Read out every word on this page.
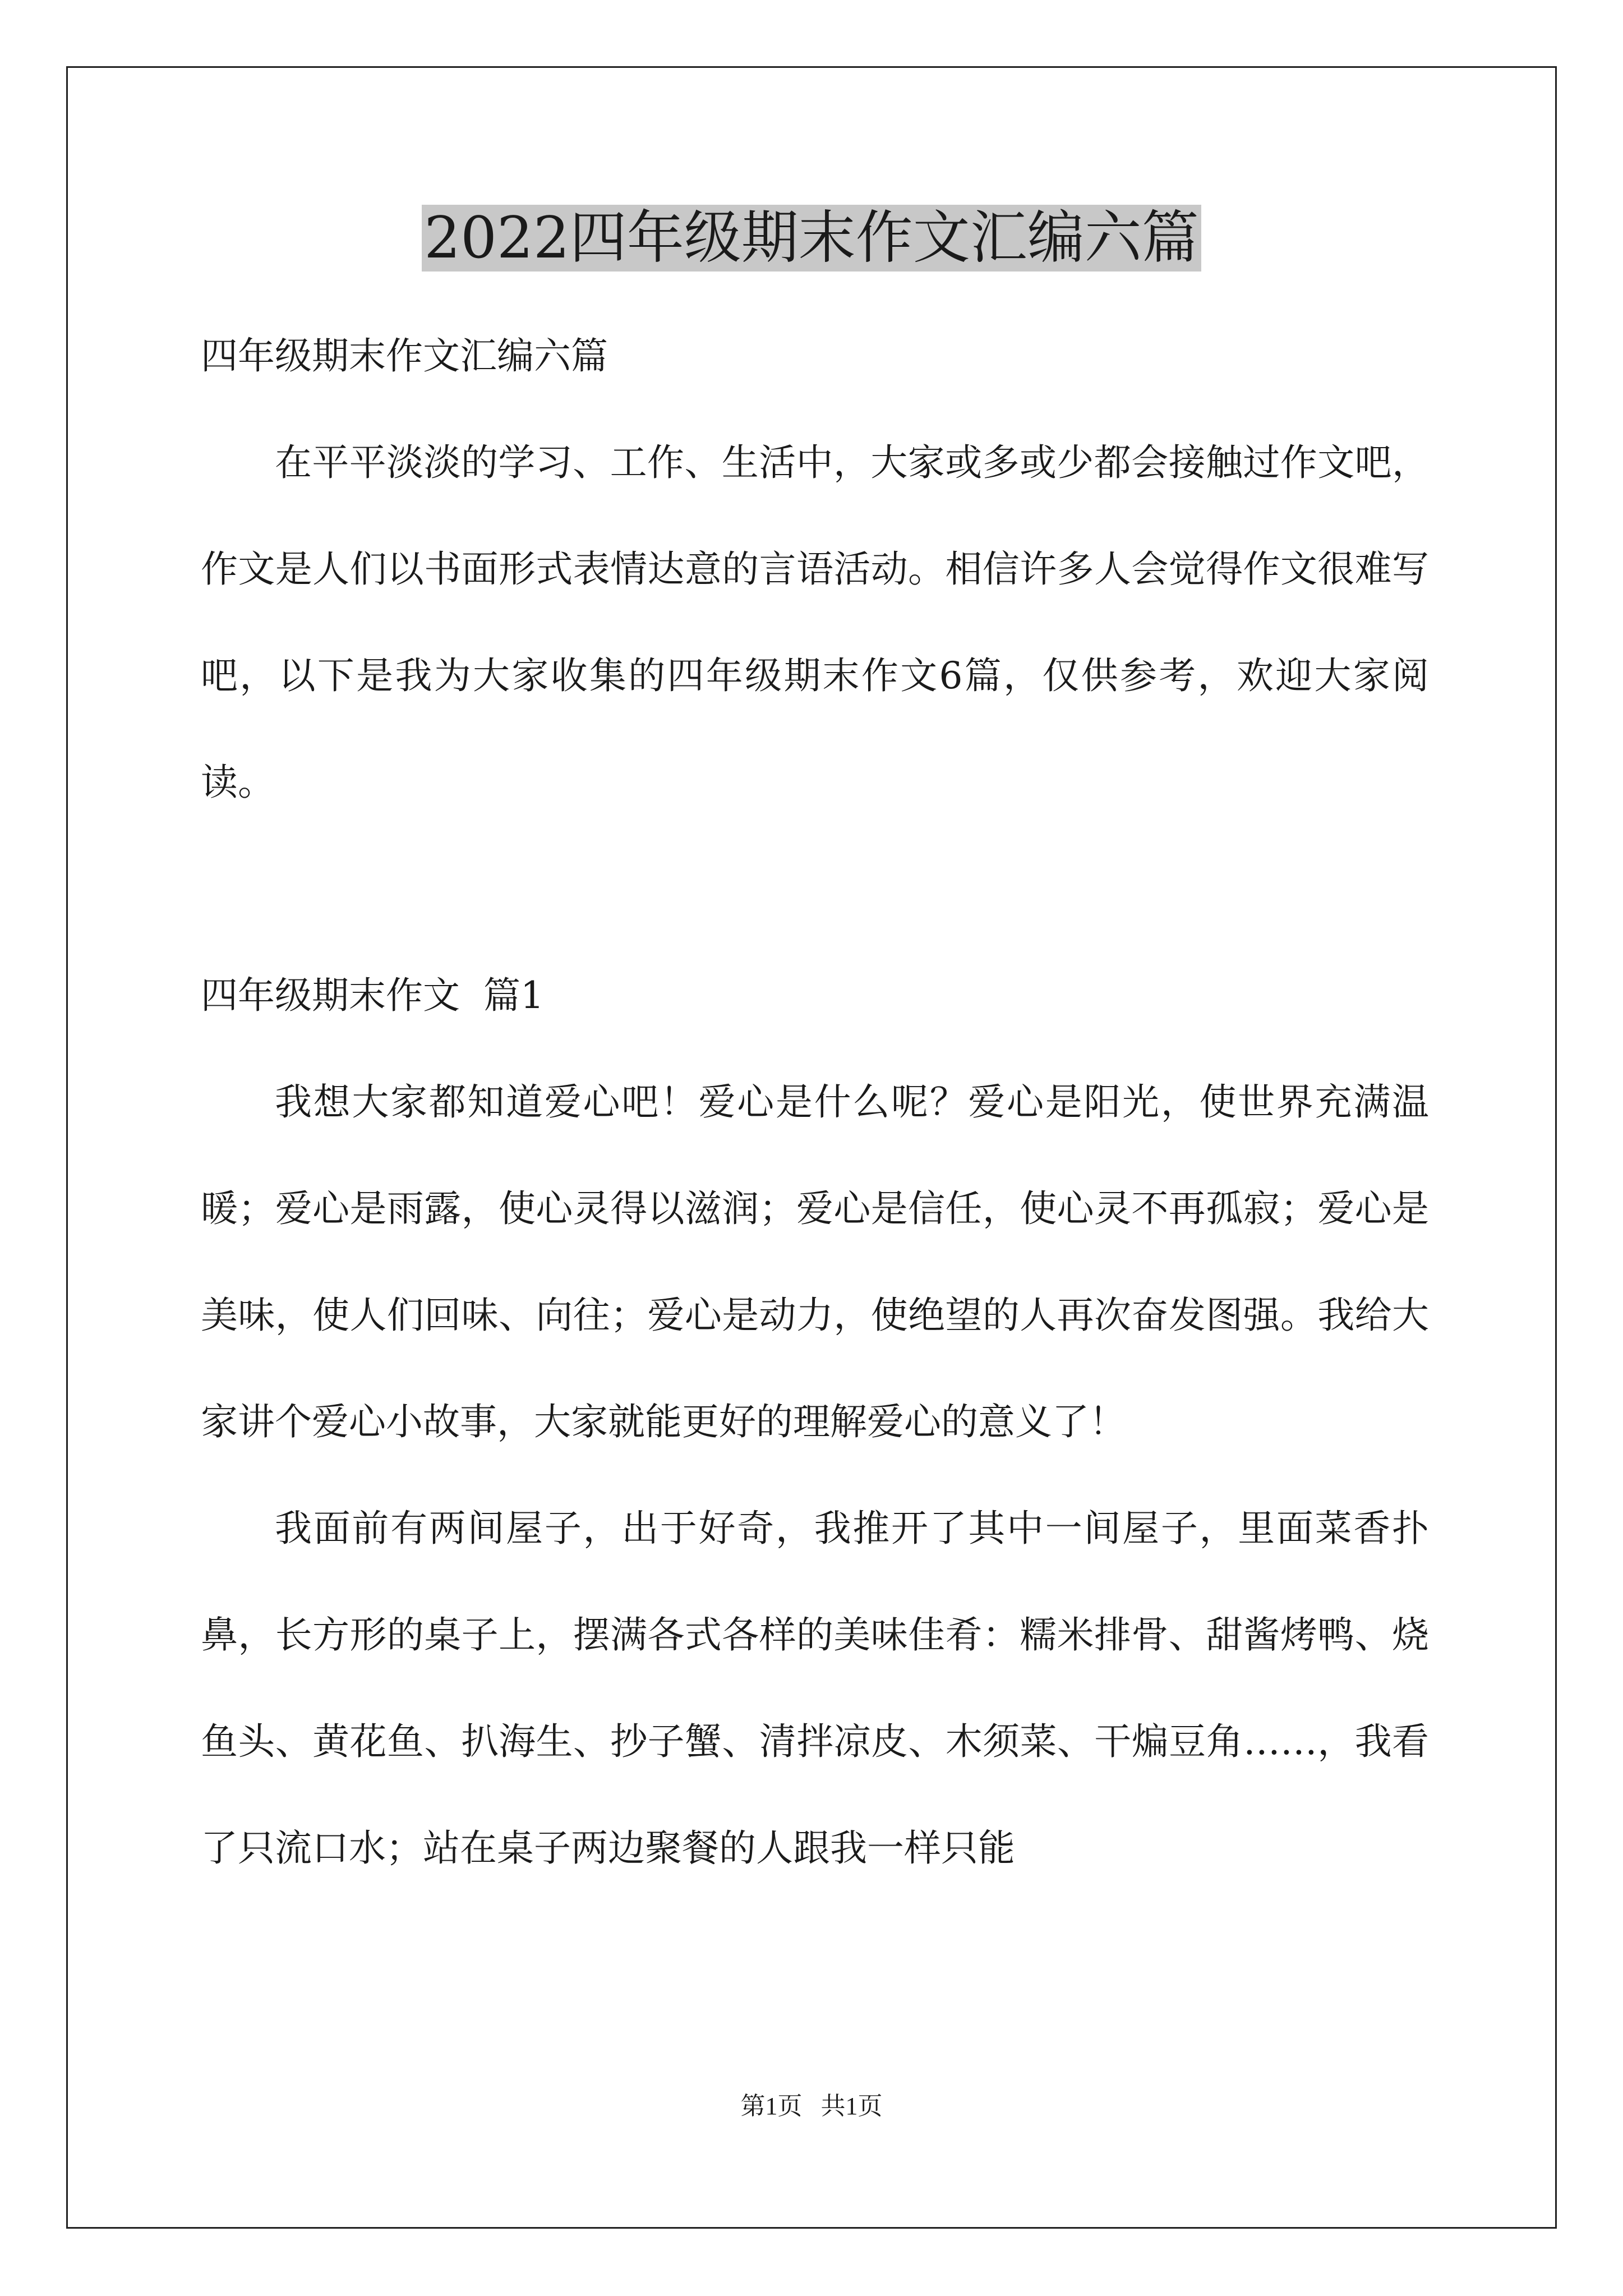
2022四年级期末作文汇编六篇

四年级期末作文汇编六篇

在平平淡淡的学习、工作、生活中，大家或多或少都会接触过作文吧，作文是人们以书面形式表情达意的言语活动。相信许多人会觉得作文很难写吧，以下是我为大家收集的四年级期末作文6篇，仅供参考，欢迎大家阅读。

四年级期末作文  篇1

我想大家都知道爱心吧！爱心是什么呢？爱心是阳光，使世界充满温暖；爱心是雨露，使心灵得以滋润；爱心是信任，使心灵不再孤寂；爱心是美味，使人们回味、向往；爱心是动力，使绝望的人再次奋发图强。我给大家讲个爱心小故事，大家就能更好的理解爱心的意义了！

我面前有两间屋子，出于好奇，我推开了其中一间屋子，里面菜香扑鼻，长方形的桌子上，摆满各式各样的美味佳肴：糯米排骨、甜酱烤鸭、烧鱼头、黄花鱼、扒海生、抄子蟹、清拌凉皮、木须菜、干煸豆角……，我看了只流口水；站在桌子两边聚餐的人跟我一样只能

第1页   共1页
